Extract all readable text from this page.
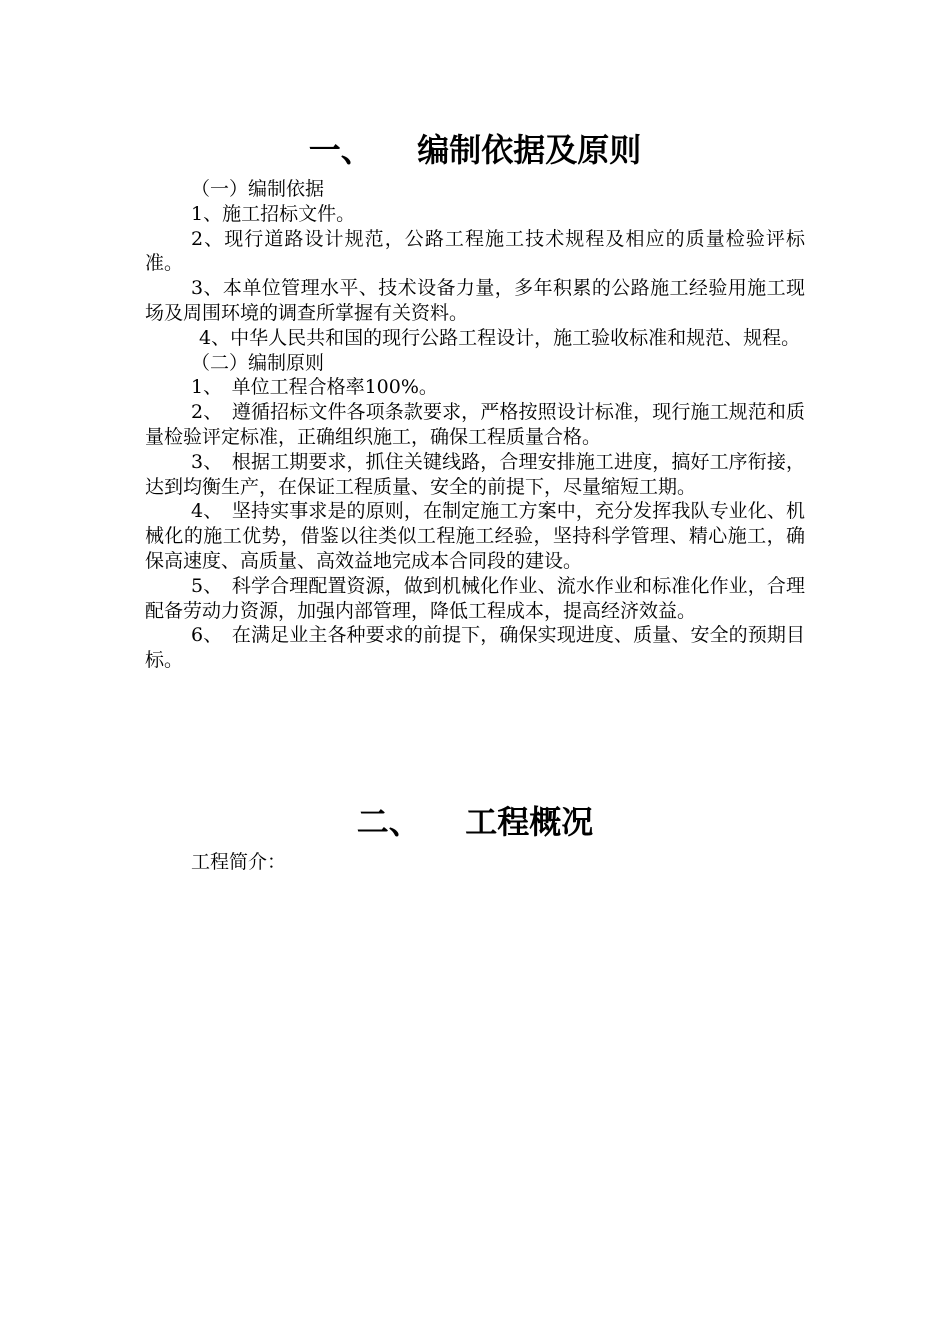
一、    编制依据及原则

（一）编制依据

1、施工招标文件。

2、现行道路设计规范，公路工程施工技术规程及相应的质量检验评标准。

3、本单位管理水平、技术设备力量，多年积累的公路施工经验用施工现场及周围环境的调查所掌握有关资料。

4、中华人民共和国的现行公路工程设计，施工验收标准和规范、规程。

（二）编制原则

1、　单位工程合格率100%。

2、　遵循招标文件各项条款要求，严格按照设计标准，现行施工规范和质量检验评定标准，正确组织施工，确保工程质量合格。

3、　根据工期要求，抓住关键线路，合理安排施工进度，搞好工序衔接，达到均衡生产，在保证工程质量、安全的前提下，尽量缩短工期。

4、　坚持实事求是的原则，在制定施工方案中，充分发挥我队专业化、机械化的施工优势，借鉴以往类似工程施工经验，坚持科学管理、精心施工，确保高速度、高质量、高效益地完成本合同段的建设。

5、　科学合理配置资源，做到机械化作业、流水作业和标准化作业，合理配备劳动力资源，加强内部管理，降低工程成本，提高经济效益。

6、　在满足业主各种要求的前提下，确保实现进度、质量、安全的预期目标。

二、    工程概况

工程简介：
